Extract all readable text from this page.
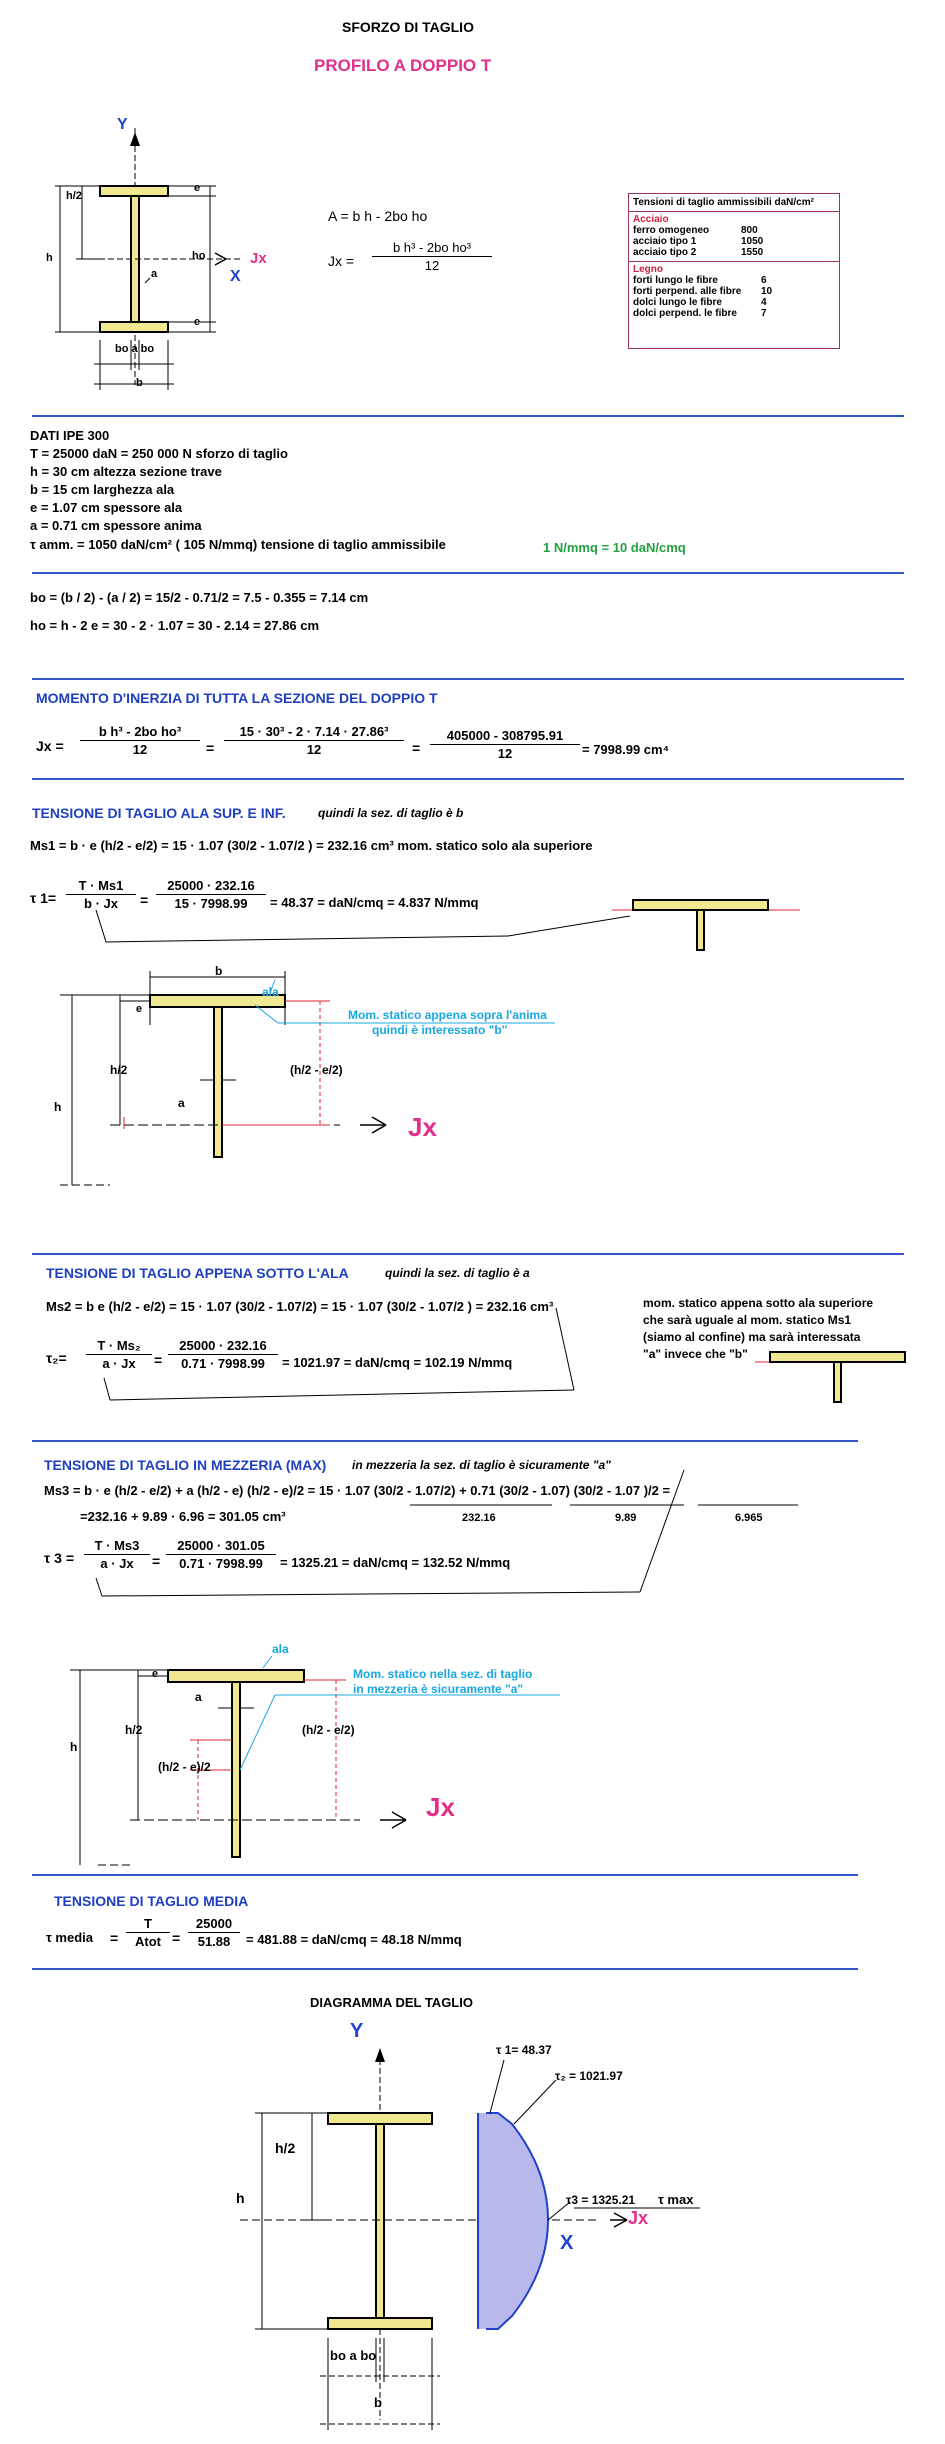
SFORZO DI TAGLIO
PROFILO A DOPPIO T
Y
Jx
X
h/2
h
e
e
ho
a
bo a bo
b
A = b h - 2bo ho
$Jx = \frac{\text{b h³ - 2bo ho³}}{12}$
Tensioni di taglio ammissibili daN/cm²
Acciaio
ferro omogeneo	800
acciaio tipo 1	1050
acciaio tipo 2	1550
Legno
forti lungo le fibre	6
forti perpend. alle fibre	10
dolci lungo le fibre	4
dolci perpend. le fibre	7
DATI IPE 300
T = 25000 daN = 250 000 N sforzo di taglio
h = 30 cm altezza sezione trave
b = 15 cm larghezza ala
e = 1.07 cm spessore ala
a = 0.71 cm spessore anima
τ amm. = 1050 daN/cm² ( 105 N/mmq) tensione di taglio ammissibile	1 N/mmq = 10 daN/cmq
bo = (b / 2) - (a / 2) = 15/2 - 0.71/2 = 7.5 - 0.355 = 7.14 cm
ho = h - 2 e = 30 - 2 · 1.07 = 30 - 2.14 = 27.86 cm
MOMENTO D'INERZIA DI TUTTA LA SEZIONE DEL DOPPIO T
$Jx = \frac{\text{b h³ - 2bo ho³}}{12} = \frac{\text{15 · 30³ - 2 · 7.14 · 27.86³}}{12} = \frac{405000 - 308795.91}{12} = 7998.99$ cm⁴
TENSIONE DI TAGLIO ALA SUP. E INF.	quindi la sez. di taglio è b
Ms1 = b · e (h/2 - e/2) = 15 · 1.07 (30/2 - 1.07/2 ) = 232.16 cm³ mom. statico solo ala superiore
τ $1= \frac{T \cdot Ms1}{b \cdot Jx} = \frac{25000 \cdot 232.16}{15 \cdot 7998.99} = 48.37 = daN/cmq = 4.837$ N/mmq
b
ala
e
h
h/2
a
(h/2 - e/2)
Jx
Mom. statico appena sopra l'anima
quindi è interessato "b"
TENSIONE DI TAGLIO APPENA SOTTO L'ALA	quindi la sez. di taglio è a
Ms2 = b e (h/2 - e/2) = 15 · 1.07 (30/2 - 1.07/2) = 15 · 1.07 (30/2 - 1.07/2 ) = 232.16 cm³	mom. statico appena sotto ala superiore
che sarà uguale al mom. statico Ms1
(siamo al confine) ma sarà interessata
"a" invece che "b"
$\tau_2= \frac{\text{T · Ms₂}}{a \cdot Jx} = \frac{25000 \cdot 232.16}{0.71 \cdot 7998.99} = 1021.97 = daN/cmq = 102.19$ N/mmq
TENSIONE DI TAGLIO IN MEZZERIA (MAX) in mezzeria la sez. di taglio è sicuramente "a"
Ms3 = b · e (h/2 - e/2) + a (h/2 - e) (h/2 - e)/2 = 15 · 1.07 (30/2 - 1.07/2) + 0.71 (30/2 - 1.07) (30/2 - 1.07 )/2 =
232.16	9.89	6.965
=232.16 + 9.89 · 6.96 = 301.05 cm³
τ $3 = \frac{T \cdot Ms3}{a \cdot Jx} = \frac{25000 \cdot 301.05}{0.71 \cdot 7998.99} = 1325.21 = daN/cmq = 132.52$ N/mmq
ala
e
h
h/2
a
(h/2 - e/2)
(h/2 - e)/2
Jx
Mom. statico nella sez. di taglio
in mezzeria è sicuramente "a"
TENSIONE DI TAGLIO MEDIA
τ media =
T
Atot = $\frac{25000}{51.88} = 481.88 = daN/cmq = 48.18$ N/mmq
DIAGRAMMA DEL TAGLIO
Y
h
h/2
X
Jx
bo a bo
b
τ 1= 48.37
τ₂ = 1021.97
τ3 = 1325.21 τ max
